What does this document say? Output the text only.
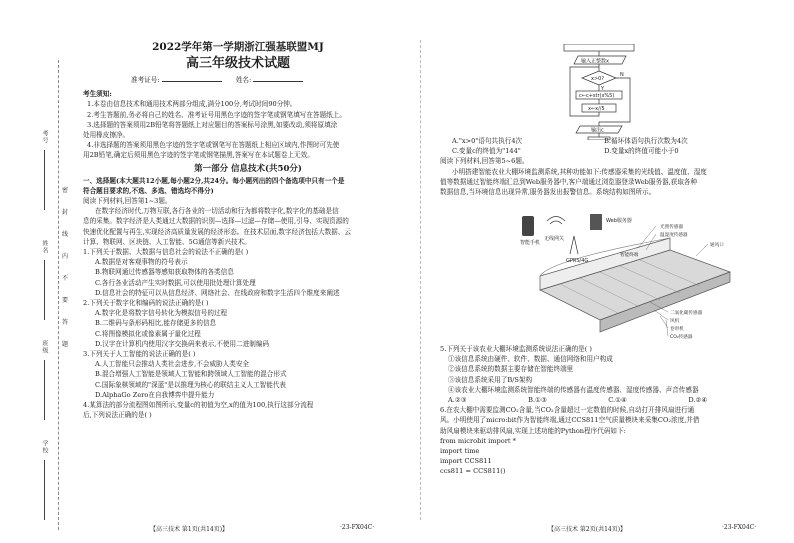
考号
姓名
班级
学校
密
封
线
内
不
要
答
题
2022学年第一学期浙江强基联盟MJ
高三年级技术试题
准考证号:	姓名:
考生须知:
1.本卷由信息技术和通用技术两部分组成,满分100分,考试时间90分钟。
2.考生答题前,务必将自己的姓名、准考证号用黑色字迹的签字笔或钢笔填写在答题纸上。
3.选择题的答案须用2B铅笔将答题纸上对应题目的答案标号涂黑,如要改动,须将原填涂
处用橡皮擦净。
4.非选择题的答案须用黑色字迹的签字笔或钢笔写在答题纸上相应区域内,作图时可先使
用2B铅笔,确定后须用黑色字迹的签字笔或钢笔描黑,答案写在本试题卷上无效。
第一部分 信息技术(共50分)
一、选择题(本大题共12小题,每小题2分,共24分。每小题列出的四个备选项中只有一个是
符合题目要求的,不选、多选、错选均不得分)
阅读下列材料,回答第1~3题。
在数字经济时代,万物互联,各行各业的一切活动和行为都将数字化,数字化的基础是信
息的采集。数字经济是人类通过大数据的识别—选择—过滤—存储—使用,引导、实现资源的
快速优化配置与再生,实现经济高质量发展的经济形态。在技术层面,数字经济包括大数据、云
计算、物联网、区块链、人工智能、5G通信等新兴技术。
1.下列关于数据、大数据与信息社会的说法不正确的是( )
A.数据是对客观事物的符号表示
B.物联网通过传感器等感知获取物体的各类信息
C.各行各业活动产生实时数据,可以使用批处理计算处理
D.信息社会的特征可以从信息经济、网络社会、在线政府和数字生活四个维度来阐述
2.下列关于数字化和编码的说法正确的是( )
A.数字化是将数字信号转化为模拟信号的过程
B.二维码与条形码相比,能存储更多的信息
C.将图像模拟化或像素属于量化过程
D.汉字在计算机内使用汉字交换码来表示,不使用二进制编码
3.下列关于人工智能的说法正确的是( )
A.人工智能只会推动人类社会进步,不会威胁人类安全
B.混合增强人工智能是领域人工智能和跨领域人工智能的混合形式
C.国际象棋领域的"深蓝"是以推理为核心的联结主义人工智能代表
D.AlphaGo Zero在自我博弈中提升能力
4.某算法的部分流程图如图所示,变量c的初值为空,x的值为100,执行这部分流程
后,下列说法正确的是( )
【高三技术 第1页(共14页)】	·23-FX04C·
输入正整数x
x>0?
Y
N
c←c+str(x%5)
x←x//5
输出c
A."x>0"语句共执行4次	B.循环体语句执行次数为4次
C.变量c的终值为"144"	D.变量x的终值可能小于0
阅读下列材料,回答第5~6题。
小明搭建智能农业大棚环境监测系统,其种功能如下:传感器采集的光线值、温度值、湿度
值等数据通过智能终端汇总到Web服务器中,客户端通过浏览器登录Web服务器,获取各种
数据信息,当环境信息出现异常,服务器发出报警信息。系统结构如图所示。
智能手机
无线网关
Web服务器
GPRS/4G
光照传感器
温湿度传感器
通风口
二氧化碳传感器
风机
卷帘机
CO₂传感器
智能终端
5.下列关于该农业大棚环境监测系统说法正确的是( )
①该信息系统由硬件、软件、数据、通信网络和用户构成
②该信息系统的数据主要存储在智能终端里
③该信息系统采用了B/S架构
④该农业大棚环境监测系统智能终端的传感器有温度传感器、湿度传感器、声音传感器
A.②③	B.①③	C.①④	D.②④
6.在农大棚中需要监测CO₂含量,当CO₂含量超过一定数值的时候,自动打开排风扇进行通
风。小明使用了micro:bit作为智能终端,通过CCS811空气质量模块来采集CO₂浓度,并借
助风扇模块来驱动排风扇,实现上述功能的Python程序代码如下:
from microbit import *
import time
import CCS811
ccs811 = CCS811()
【高三技术 第2页(共14页)】	·23-FX04C·
